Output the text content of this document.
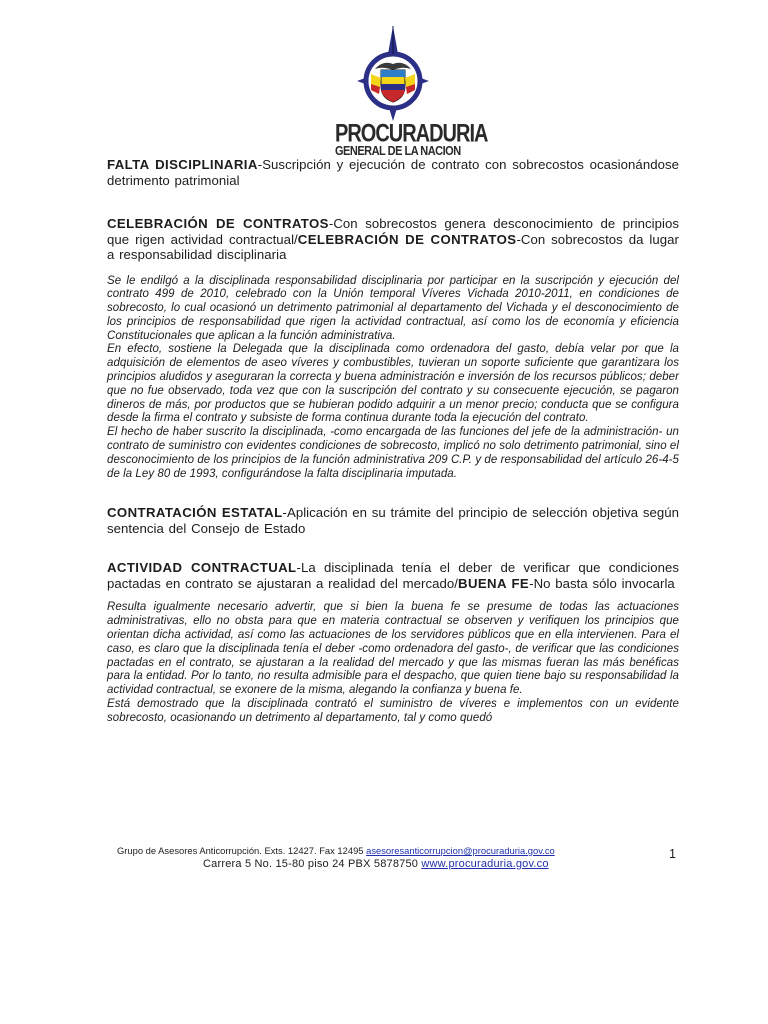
PROCURADURIA
GENERAL DE LA NACION

FALTA DISCIPLINARIA-Suscripción y ejecución de contrato con sobrecostos ocasionándose detrimento patrimonial

CELEBRACIÓN DE CONTRATOS-Con sobrecostos genera desconocimiento de principios que rigen actividad contractual/CELEBRACIÓN DE CONTRATOS-Con sobrecostos da lugar a responsabilidad disciplinaria

Se le endilgó a la disciplinada responsabilidad disciplinaria por participar en la suscripción y ejecución del contrato 499 de 2010, celebrado con la Unión temporal Víveres Vichada 2010-2011, en condiciones de sobrecosto, lo cual ocasionó un detrimento patrimonial al departamento del Vichada y el desconocimiento de los principios de responsabilidad que rigen la actividad contractual, así como los de economía y eficiencia Constitucionales que aplican a la función administrativa.

En efecto, sostiene la Delegada que la disciplinada como ordenadora del gasto, debía velar por que la adquisición de elementos de aseo víveres y combustibles, tuvieran un soporte suficiente que garantizara los principios aludidos y aseguraran la correcta y buena administración e inversión de los recursos públicos; deber que no fue observado, toda vez que con la suscripción del contrato y su consecuente ejecución, se pagaron dineros de más, por productos que se hubieran podido adquirir a un menor precio; conducta que se configura desde la firma el contrato y subsiste de forma continua durante toda la ejecución del contrato.

El hecho de haber suscrito la disciplinada, -como encargada de las funciones del jefe de la administración- un contrato de suministro con evidentes condiciones de sobrecosto, implicó no solo detrimento patrimonial, sino el desconocimiento de los principios de la función administrativa 209 C.P. y de responsabilidad del artículo 26-4-5 de la Ley 80 de 1993, configurándose la falta disciplinaria imputada.

CONTRATACIÓN ESTATAL-Aplicación en su trámite del principio de selección objetiva según sentencia del Consejo de Estado

ACTIVIDAD CONTRACTUAL-La disciplinada tenía el deber de verificar que condiciones pactadas en contrato se ajustaran a realidad del mercado/BUENA FE-No basta sólo invocarla

Resulta igualmente necesario advertir, que si bien la buena fe se presume de todas las actuaciones administrativas, ello no obsta para que en materia contractual se observen y verifiquen los principios que orientan dicha actividad, así como las actuaciones de los servidores públicos que en ella intervienen. Para el caso, es claro que la disciplinada tenía el deber -como ordenadora del gasto-, de verificar que las condiciones pactadas en el contrato, se ajustaran a la realidad del mercado y que las mismas fueran las más benéficas para la entidad. Por lo tanto, no resulta admisible para el despacho, que quien tiene bajo su responsabilidad la actividad contractual, se exonere de la misma, alegando la confianza y buena fe.

Está demostrado que la disciplinada contrató el suministro de víveres e implementos con un evidente sobrecosto, ocasionando un detrimento al departamento, tal y como quedó

Grupo de Asesores Anticorrupción. Exts. 12427. Fax 12495 asesoresanticorrupcion@procuraduria.gov.co	1
Carrera 5 No. 15-80 piso 24 PBX 5878750 www.procuraduria.gov.co
